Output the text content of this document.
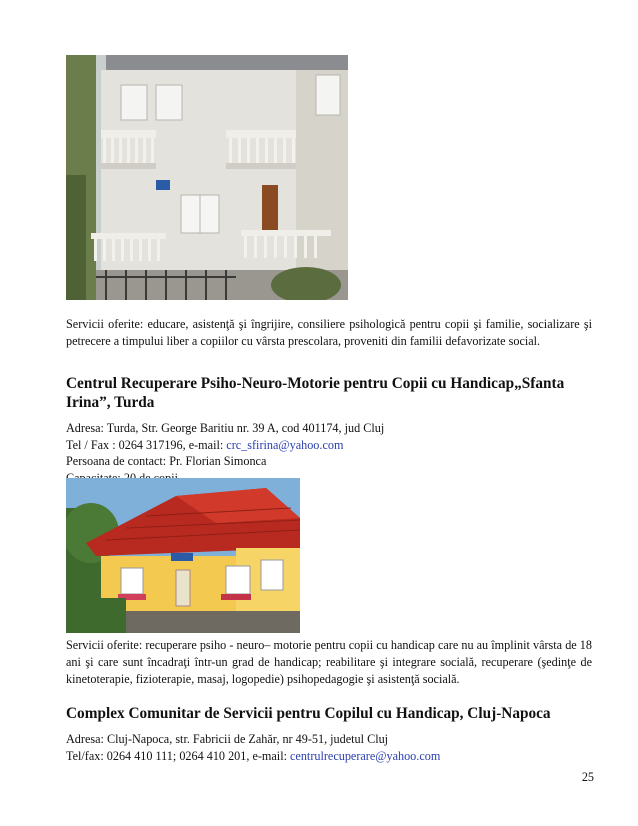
Servicii oferite: educare, asistenţă şi îngrijire, consiliere psihologică pentru copii şi familie, socializare şi petrecere a timpului liber a copiilor cu vârsta prescolara, proveniti din familii defavorizate social.
Centrul Recuperare Psiho-Neuro-Motorie pentru Copii cu Handicap„Sfanta Irina”, Turda
Adresa: Turda, Str. George Baritiu nr. 39 A, cod 401174, jud Cluj
Tel / Fax : 0264 317196, e-mail: crc_sfirina@yahoo.com
Persoana de contact: Pr. Florian Simonca
Servicii oferite: recuperare psiho - neuro– motorie pentru copii cu handicap care nu au împlinit vârsta de 18 ani şi care sunt încadraţi într-un grad de handicap; reabilitare şi integrare socială, recuperare (şedinţe de kinetoterapie, fizioterapie, masaj, logopedie) psihopedagogie şi asistenţă socială.
Complex Comunitar de Servicii pentru Copilul cu Handicap, Cluj-Napoca
Adresa: Cluj-Napoca, str. Fabricii de Zahăr, nr 49-51, judetul Cluj
Tel/fax: 0264 410 111; 0264 410 201, e-mail: centrulrecuperare@yahoo.com
25
